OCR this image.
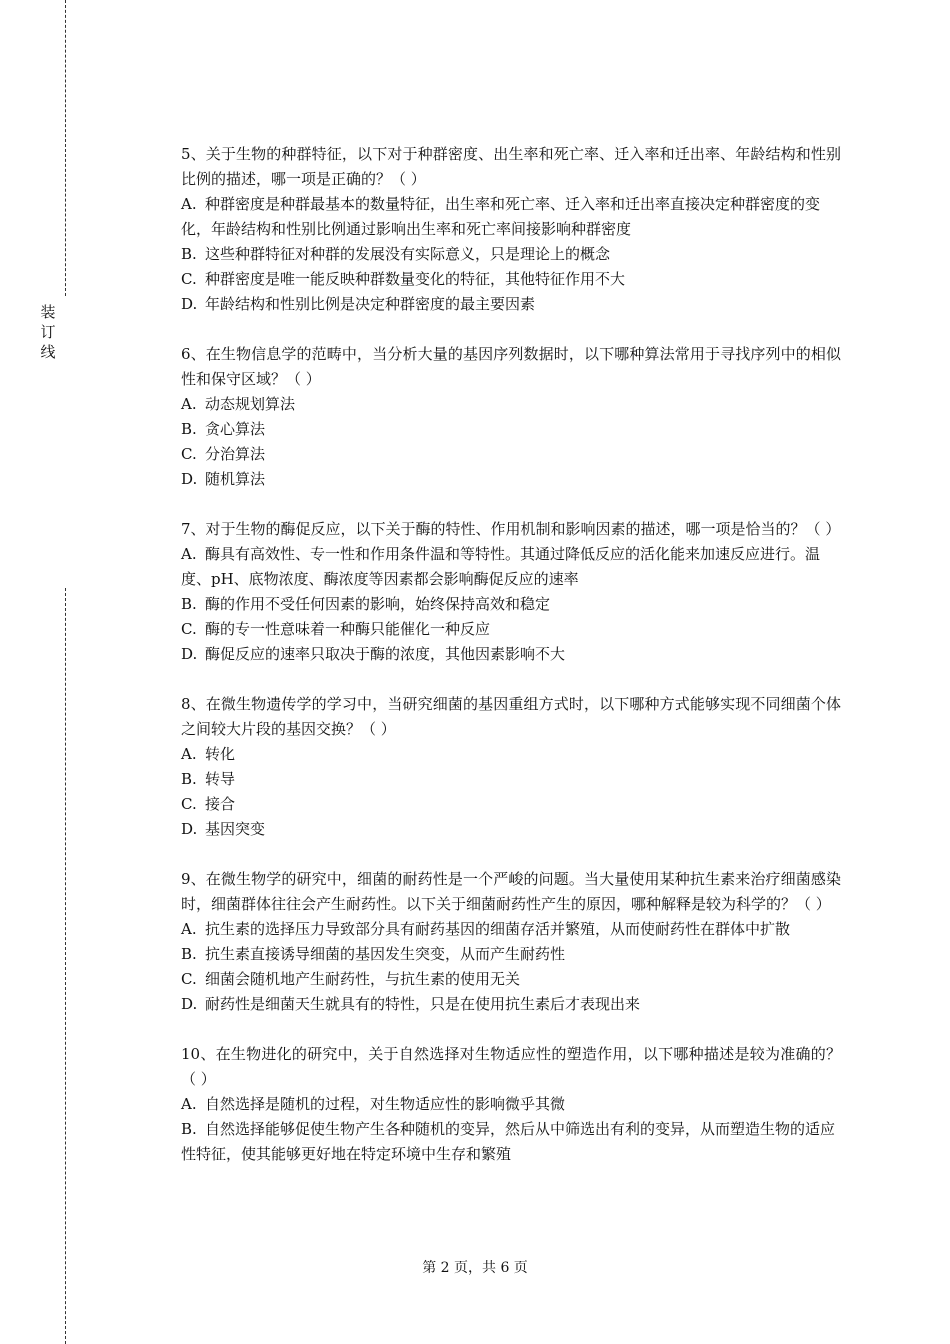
装
订
线

5、关于生物的种群特征，以下对于种群密度、出生率和死亡率、迁入率和迁出率、年龄结构和性别比例的描述，哪一项是正确的？（ ）

A. 种群密度是种群最基本的数量特征，出生率和死亡率、迁入率和迁出率直接决定种群密度的变化，年龄结构和性别比例通过影响出生率和死亡率间接影响种群密度

B. 这些种群特征对种群的发展没有实际意义，只是理论上的概念

C. 种群密度是唯一能反映种群数量变化的特征，其他特征作用不大

D. 年龄结构和性别比例是决定种群密度的最主要因素

6、在生物信息学的范畴中，当分析大量的基因序列数据时，以下哪种算法常用于寻找序列中的相似性和保守区域？（ ）

A. 动态规划算法

B. 贪心算法

C. 分治算法

D. 随机算法

7、对于生物的酶促反应，以下关于酶的特性、作用机制和影响因素的描述，哪一项是恰当的？（ ）

A. 酶具有高效性、专一性和作用条件温和等特性。其通过降低反应的活化能来加速反应进行。温度、pH、底物浓度、酶浓度等因素都会影响酶促反应的速率

B. 酶的作用不受任何因素的影响，始终保持高效和稳定

C. 酶的专一性意味着一种酶只能催化一种反应

D. 酶促反应的速率只取决于酶的浓度，其他因素影响不大

8、在微生物遗传学的学习中，当研究细菌的基因重组方式时，以下哪种方式能够实现不同细菌个体之间较大片段的基因交换？（ ）

A. 转化

B. 转导

C. 接合

D. 基因突变

9、在微生物学的研究中，细菌的耐药性是一个严峻的问题。当大量使用某种抗生素来治疗细菌感染时，细菌群体往往会产生耐药性。以下关于细菌耐药性产生的原因，哪种解释是较为科学的？（ ）

A. 抗生素的选择压力导致部分具有耐药基因的细菌存活并繁殖，从而使耐药性在群体中扩散

B. 抗生素直接诱导细菌的基因发生突变，从而产生耐药性

C. 细菌会随机地产生耐药性，与抗生素的使用无关

D. 耐药性是细菌天生就具有的特性，只是在使用抗生素后才表现出来

10、在生物进化的研究中，关于自然选择对生物适应性的塑造作用，以下哪种描述是较为准确的？（ ）

A. 自然选择是随机的过程，对生物适应性的影响微乎其微

B. 自然选择能够促使生物产生各种随机的变异，然后从中筛选出有利的变异，从而塑造生物的适应性特征，使其能够更好地在特定环境中生存和繁殖

第 2 页，共 6 页
